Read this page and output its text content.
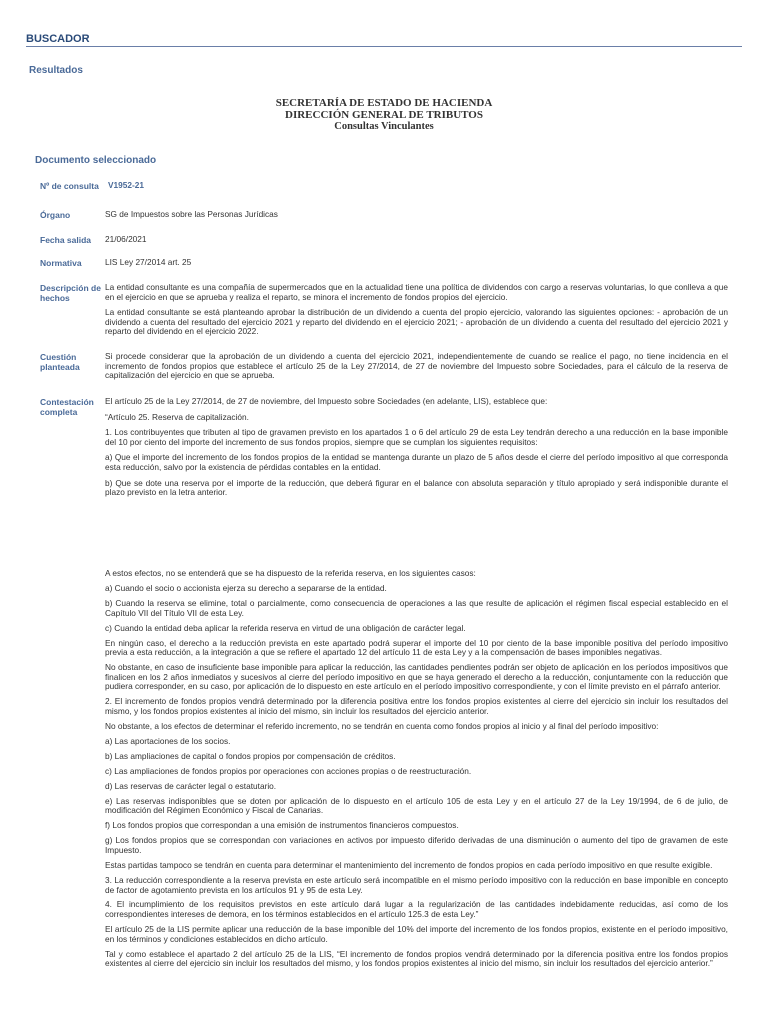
BUSCADOR
Resultados
SECRETARÍA DE ESTADO DE HACIENDA
DIRECCIÓN GENERAL DE TRIBUTOS
Consultas Vinculantes
Documento seleccionado
Nº de consulta	V1952-21
Órgano	SG de Impuestos sobre las Personas Jurídicas
Fecha salida	21/06/2021
Normativa	LIS Ley 27/2014 art. 25
Descripción de hechos

La entidad consultante es una compañía de supermercados que en la actualidad tiene una política de dividendos con cargo a reservas voluntarias, lo que conlleva a que en el ejercicio en que se aprueba y realiza el reparto, se minora el incremento de fondos propios del ejercicio.

La entidad consultante se está planteando aprobar la distribución de un dividendo a cuenta del propio ejercicio, valorando las siguientes opciones: - aprobación de un dividendo a cuenta del resultado del ejercicio 2021 y reparto del dividendo en el ejercicio 2021; - aprobación de un dividendo a cuenta del resultado del ejercicio 2021 y reparto del dividendo en el ejercicio 2022.

Cuestión planteada
Si procede considerar que la aprobación de un dividendo a cuenta del ejercicio 2021, independientemente de cuando se realice el pago, no tiene incidencia en el incremento de fondos propios que establece el artículo 25 de la Ley 27/2014, de 27 de noviembre del Impuesto sobre Sociedades, para el cálculo de la reserva de capitalización del ejercicio en que se aprueba.
Contestación completa

El artículo 25 de la Ley 27/2014, de 27 de noviembre, del Impuesto sobre Sociedades (en adelante, LIS), establece que:

“Artículo 25. Reserva de capitalización.

1. Los contribuyentes que tributen al tipo de gravamen previsto en los apartados 1 o 6 del artículo 29 de esta Ley tendrán derecho a una reducción en la base imponible del 10 por ciento del importe del incremento de sus fondos propios, siempre que se cumplan los siguientes requisitos:

a) Que el importe del incremento de los fondos propios de la entidad se mantenga durante un plazo de 5 años desde el cierre del período impositivo al que corresponda esta reducción, salvo por la existencia de pérdidas contables en la entidad.

b) Que se dote una reserva por el importe de la reducción, que deberá figurar en el balance con absoluta separación y título apropiado y será indisponible durante el plazo previsto en la letra anterior.

A estos efectos, no se entenderá que se ha dispuesto de la referida reserva, en los siguientes casos:

a) Cuando el socio o accionista ejerza su derecho a separarse de la entidad.

b) Cuando la reserva se elimine, total o parcialmente, como consecuencia de operaciones a las que resulte de aplicación el régimen fiscal especial establecido en el Capítulo VII del Título VII de esta Ley.

c) Cuando la entidad deba aplicar la referida reserva en virtud de una obligación de carácter legal.

En ningún caso, el derecho a la reducción prevista en este apartado podrá superar el importe del 10 por ciento de la base imponible positiva del período impositivo previa a esta reducción, a la integración a que se refiere el apartado 12 del artículo 11 de esta Ley y a la compensación de bases imponibles negativas.

No obstante, en caso de insuficiente base imponible para aplicar la reducción, las cantidades pendientes podrán ser objeto de aplicación en los períodos impositivos que finalicen en los 2 años inmediatos y sucesivos al cierre del período impositivo en que se haya generado el derecho a la reducción, conjuntamente con la reducción que pudiera corresponder, en su caso, por aplicación de lo dispuesto en este artículo en el período impositivo correspondiente, y con el límite previsto en el párrafo anterior.

2. El incremento de fondos propios vendrá determinado por la diferencia positiva entre los fondos propios existentes al cierre del ejercicio sin incluir los resultados del mismo, y los fondos propios existentes al inicio del mismo, sin incluir los resultados del ejercicio anterior.

No obstante, a los efectos de determinar el referido incremento, no se tendrán en cuenta como fondos propios al inicio y al final del período impositivo:

a) Las aportaciones de los socios.

b) Las ampliaciones de capital o fondos propios por compensación de créditos.

c) Las ampliaciones de fondos propios por operaciones con acciones propias o de reestructuración.

d) Las reservas de carácter legal o estatutario.

e) Las reservas indisponibles que se doten por aplicación de lo dispuesto en el artículo 105 de esta Ley y en el artículo 27 de la Ley 19/1994, de 6 de julio, de modificación del Régimen Económico y Fiscal de Canarias.

f) Los fondos propios que correspondan a una emisión de instrumentos financieros compuestos.

g) Los fondos propios que se correspondan con variaciones en activos por impuesto diferido derivadas de una disminución o aumento del tipo de gravamen de este Impuesto.

Estas partidas tampoco se tendrán en cuenta para determinar el mantenimiento del incremento de fondos propios en cada período impositivo en que resulte exigible.

3. La reducción correspondiente a la reserva prevista en este artículo será incompatible en el mismo período impositivo con la reducción en base imponible en concepto de factor de agotamiento prevista en los artículos 91 y 95 de esta Ley.

4. El incumplimiento de los requisitos previstos en este artículo dará lugar a la regularización de las cantidades indebidamente reducidas, así como de los correspondientes intereses de demora, en los términos establecidos en el artículo 125.3 de esta Ley.”

El artículo 25 de la LIS permite aplicar una reducción de la base imponible del 10% del importe del incremento de los fondos propios, existente en el período impositivo, en los términos y condiciones establecidos en dicho artículo.

Tal y como establece el apartado 2 del artículo 25 de la LIS, “El incremento de fondos propios vendrá determinado por la diferencia positiva entre los fondos propios existentes al cierre del ejercicio sin incluir los resultados del mismo, y los fondos propios existentes al inicio del mismo, sin incluir los resultados del ejercicio anterior.”
